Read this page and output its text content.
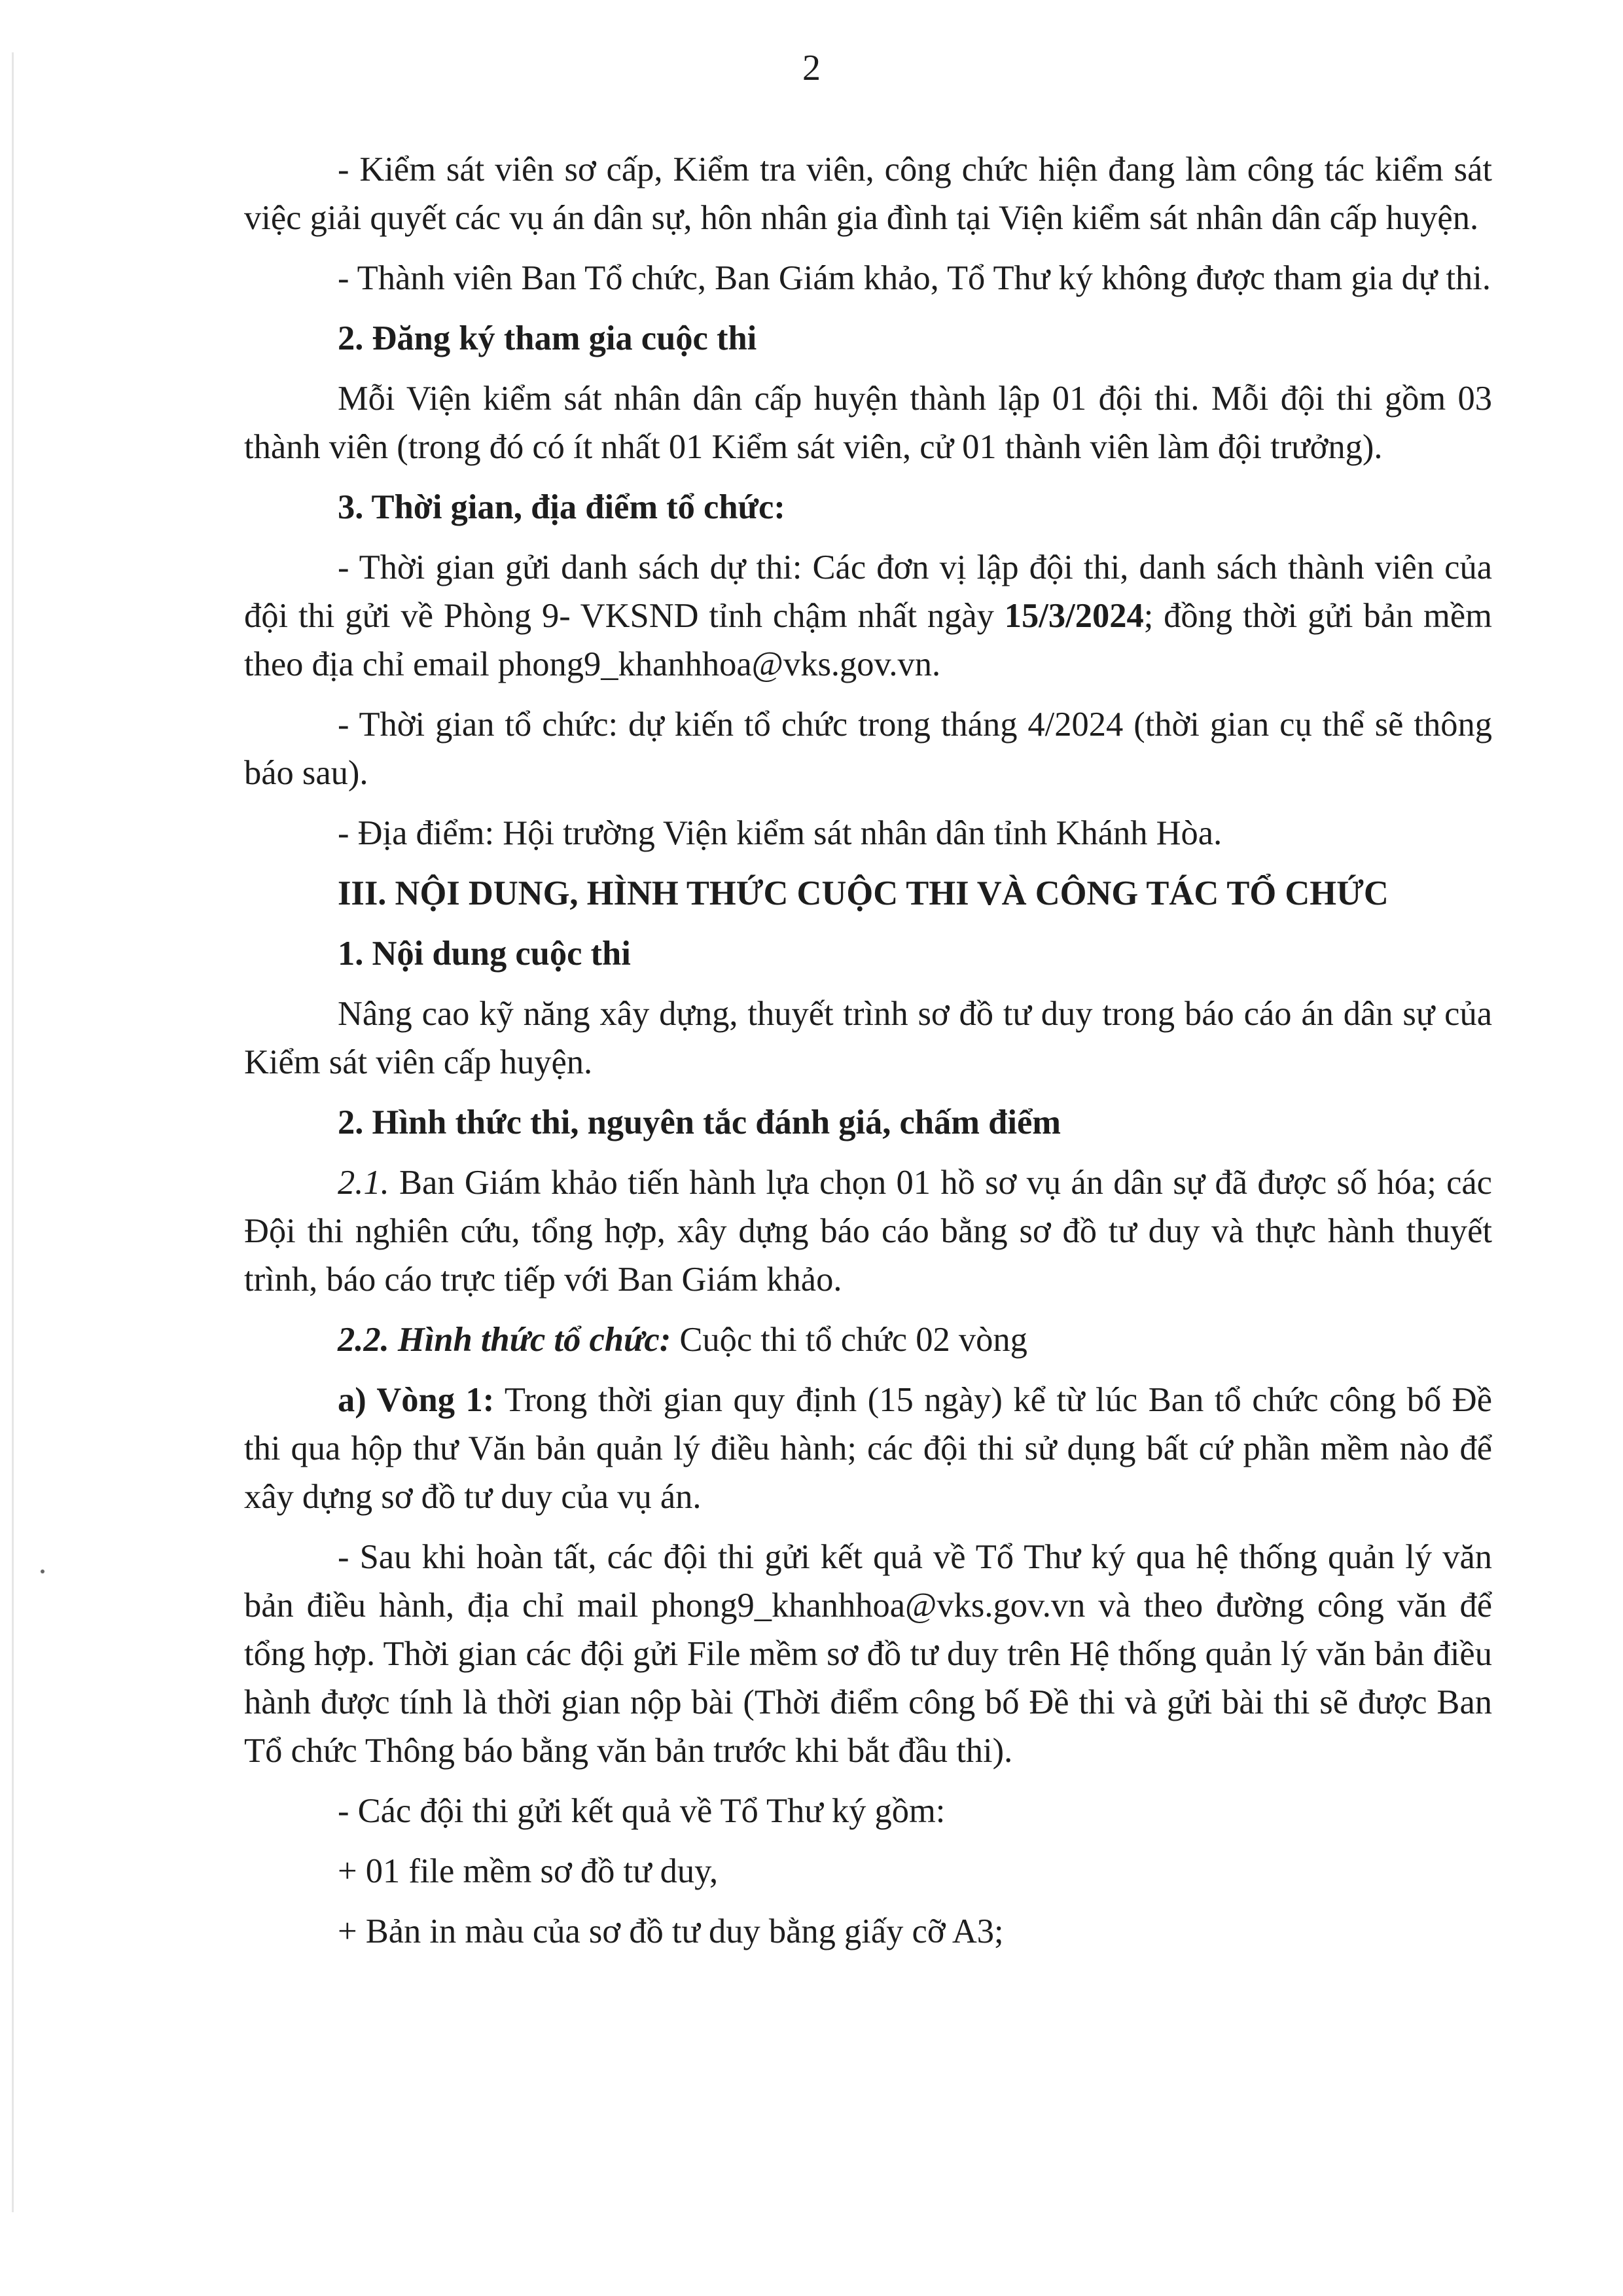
2

- Kiểm sát viên sơ cấp, Kiểm tra viên, công chức hiện đang làm công tác kiểm sát việc giải quyết các vụ án dân sự, hôn nhân gia đình tại Viện kiểm sát nhân dân cấp huyện.

- Thành viên Ban Tổ chức, Ban Giám khảo, Tổ Thư ký không được tham gia dự thi.

2. Đăng ký tham gia cuộc thi

Mỗi Viện kiểm sát nhân dân cấp huyện thành lập 01 đội thi. Mỗi đội thi gồm 03 thành viên (trong đó có ít nhất 01 Kiểm sát viên, cử 01 thành viên làm đội trưởng).

3. Thời gian, địa điểm tổ chức:

- Thời gian gửi danh sách dự thi: Các đơn vị lập đội thi, danh sách thành viên của đội thi gửi về Phòng 9- VKSND tỉnh chậm nhất ngày 15/3/2024; đồng thời gửi bản mềm theo địa chỉ email phong9_khanhhoa@vks.gov.vn.

- Thời gian tổ chức: dự kiến tổ chức trong tháng 4/2024 (thời gian cụ thể sẽ thông báo sau).

- Địa điểm: Hội trường Viện kiểm sát nhân dân tỉnh Khánh Hòa.

III. NỘI DUNG, HÌNH THỨC CUỘC THI VÀ CÔNG TÁC TỔ CHỨC

1. Nội dung cuộc thi

Nâng cao kỹ năng xây dựng, thuyết trình sơ đồ tư duy trong báo cáo án dân sự của Kiểm sát viên cấp huyện.

2. Hình thức thi, nguyên tắc đánh giá, chấm điểm

2.1. Ban Giám khảo tiến hành lựa chọn 01 hồ sơ vụ án dân sự đã được số hóa; các Đội thi nghiên cứu, tổng hợp, xây dựng báo cáo bằng sơ đồ tư duy và thực hành thuyết trình, báo cáo trực tiếp với Ban Giám khảo.

2.2. Hình thức tổ chức: Cuộc thi tổ chức 02 vòng

a) Vòng 1: Trong thời gian quy định (15 ngày) kể từ lúc Ban tổ chức công bố Đề thi qua hộp thư Văn bản quản lý điều hành; các đội thi sử dụng bất cứ phần mềm nào để xây dựng sơ đồ tư duy của vụ án.

- Sau khi hoàn tất, các đội thi gửi kết quả về Tổ Thư ký qua hệ thống quản lý văn bản điều hành, địa chỉ mail phong9_khanhhoa@vks.gov.vn và theo đường công văn để tổng hợp. Thời gian các đội gửi File mềm sơ đồ tư duy trên Hệ thống quản lý văn bản điều hành được tính là thời gian nộp bài (Thời điểm công bố Đề thi và gửi bài thi sẽ được Ban Tổ chức Thông báo bằng văn bản trước khi bắt đầu thi).

- Các đội thi gửi kết quả về Tổ Thư ký gồm:

+ 01 file mềm sơ đồ tư duy,

+ Bản in màu của sơ đồ tư duy bằng giấy cỡ A3;
